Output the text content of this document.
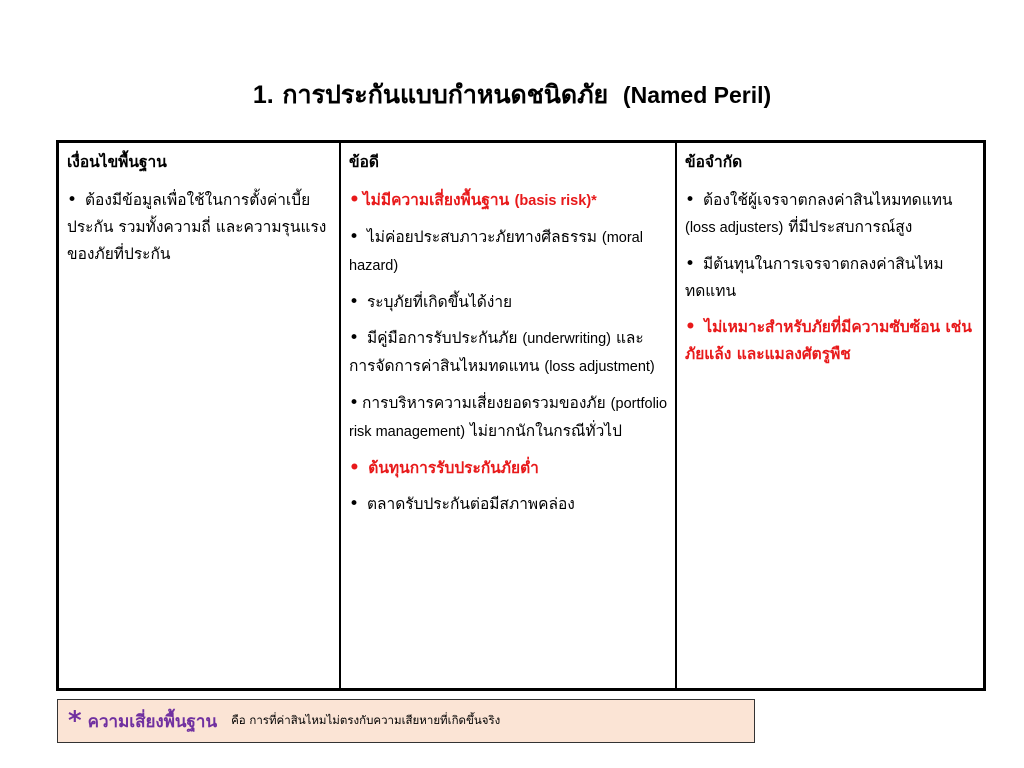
1. การประกันแบบกำหนดชนิดภัย (Named Peril)
เงื่อนไขพื้นฐาน
• ต้องมีข้อมูลเพื่อใช้ในการตั้งค่าเบี้ยประกัน รวมทั้งความถี่ และความรุนแรงของภัยที่ประกัน
ข้อดี
• ไม่มีความเสี่ยงพื้นฐาน (basis risk)*
• ไม่ค่อยประสบภาวะภัยทางศีลธรรม (moral hazard)
• ระบุภัยที่เกิดขึ้นได้ง่าย
• มีคู่มือการรับประกันภัย (underwriting) และการจัดการค่าสินไหมทดแทน (loss adjustment)
• การบริหารความเสี่ยงยอดรวมของภัย (portfolio risk management) ไม่ยากนักในกรณีทั่วไป
• ต้นทุนการรับประกันภัยต่ำ
• ตลาดรับประกันต่อมีสภาพคล่อง
ข้อจำกัด
• ต้องใช้ผู้เจรจาตกลงค่าสินไหมทดแทน (loss adjusters) ที่มีประสบการณ์สูง
• มีต้นทุนในการเจรจาตกลงค่าสินไหมทดแทน
• ไม่เหมาะสำหรับภัยที่มีความซับซ้อน เช่น ภัยแล้ง และแมลงศัตรูพืช
* ความเสี่ยงพื้นฐาน คือ การที่ค่าสินไหมไม่ตรงกับความเสียหายที่เกิดขึ้นจริง
